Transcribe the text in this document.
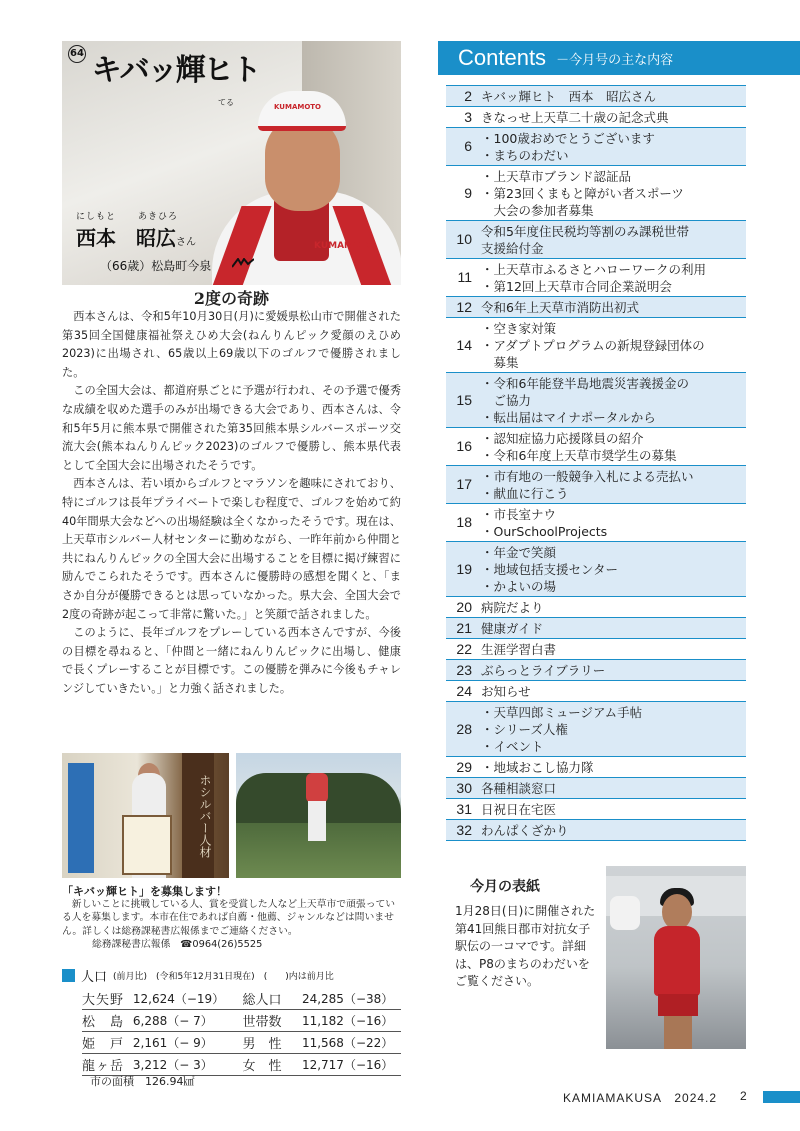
KUMAMOTO
KUMAMOTO
64 キバッ輝ヒト
てる
にしもと あきひろ
西本　昭広さん
（66歳）松島町今泉
2度の奇跡

西本さんは、令和5年10月30日(月)に愛媛県松山市で開催された第35回全国健康福祉祭えひめ大会(ねんりんピック愛顔のえひめ2023)に出場され、65歳以上69歳以下のゴルフで優勝されました。

この全国大会は、都道府県ごとに予選が行われ、その予選で優秀な成績を収めた選手のみが出場できる大会であり、西本さんは、令和5年5月に熊本県で開催された第35回熊本県シルバースポーツ交流大会(熊本ねんりんピック2023)のゴルフで優勝し、熊本県代表として全国大会に出場されたそうです。

西本さんは、若い頃からゴルフとマラソンを趣味にされており、特にゴルフは長年プライベートで楽しむ程度で、ゴルフを始めて約40年間県大会などへの出場経験は全くなかったそうです。現在は、上天草市シルバー人材センターに勤めながら、一昨年前から仲間と共にねんりんピックの全国大会に出場することを目標に掲げ練習に励んでこられたそうです。西本さんに優勝時の感想を聞くと、「まさか自分が優勝できるとは思っていなかった。県大会、全国大会で2度の奇跡が起こって非常に驚いた。」と笑顔で話されました。

このように、長年ゴルフをプレーしている西本さんですが、今後の目標を尋ねると、「仲間と一緒にねんりんピックに出場し、健康で長くプレーすることが目標です。この優勝を弾みに今後もチャレンジしていきたい。」と力強く話されました。

ホシルバー人材
「キバッ輝ヒト」を募集します！
新しいことに挑戦している人、賞を受賞した人など上天草市で頑張っている人を募集します。本市在住であれば自薦・他薦、ジャンルなどは問いません。詳しくは総務課秘書広報係までご連絡ください。
総務課秘書広報係　☎0964(26)5525
人口 (前月比)　(令和5年12月31日現在)　(　　)内は前月比
大矢野	12,624（−19）	総人口	24,285（−38）
松　島	6,288（− 7）	世帯数	11,182（−16）
姫　戸	2,161（− 9）	男　性	11,568（−22）
龍ヶ岳	3,212（− 3）	女　性	12,717（−16）
市の面積　126.94㎢
Contents －今月号の主な内容
2 キバッ輝ヒト　西本　昭広さん
3 きなっせ上天草二十歳の記念式典
6 ・100歳おめでとうございます
・まちのわだい
9
・上天草市ブランド認証品
・第23回くまもと障がい者スポーツ
　大会の参加者募集
10 令和5年度住民税均等割のみ課税世帯
支援給付金
11 ・上天草市ふるさとハローワークの利用
・第12回上天草市合同企業説明会
12 令和6年上天草市消防出初式
14
・空き家対策
・アダプトプログラムの新規登録団体の
　募集
15
・令和6年能登半島地震災害義援金の
　ご協力
・転出届はマイナポータルから
16 ・認知症協力応援隊員の紹介
・令和6年度上天草市奨学生の募集
17 ・市有地の一般競争入札による売払い
・献血に行こう
18 ・市長室ナウ
・OurSchoolProjects
19
・年金で笑顔
・地域包括支援センター
・かよいの場
20 病院だより
21 健康ガイド
22 生涯学習白書
23 ぶらっとライブラリー
24 お知らせ
28
・天草四郎ミュージアム手帖
・シリーズ人権
・イベント
29 ・地域おこし協力隊
30 各種相談窓口
31 日祝日在宅医
32 わんぱくざかり
今月の表紙
1月28日(日)に開催された第41回熊日郡市対抗女子駅伝の一コマです。詳細は、P8のまちのわだいをご覧ください。
KAMIAMAKUSA　2024.2 2
